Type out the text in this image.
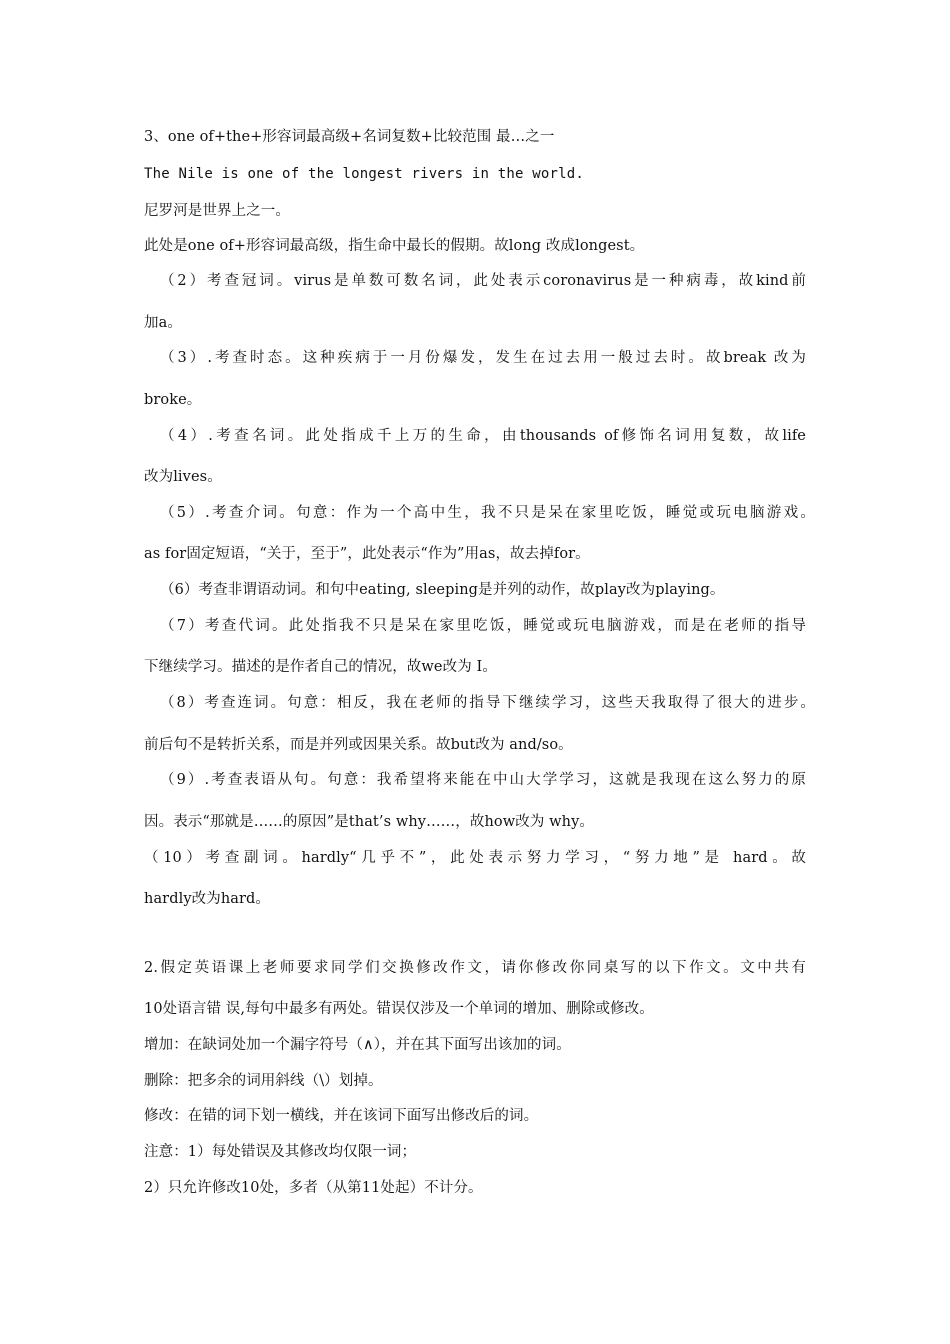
3、one of+the+形容词最高级+名词复数+比较范围 最…之一
The Nile is one of the longest rivers in the world.
尼罗河是世界上之一。
此处是one of+形容词最高级，指生命中最长的假期。故long 改成longest。
（2）考查冠词。virus是单数可数名词，此处表示coronavirus是一种病毒，故kind前
加a。
（3）.考查时态。这种疾病于一月份爆发，发生在过去用一般过去时。故break 改为
broke。
（4）.考查名词。此处指成千上万的生命，由thousands of修饰名词用复数，故life
改为lives。
（5）.考查介词。句意：作为一个高中生，我不只是呆在家里吃饭，睡觉或玩电脑游戏。
as for固定短语，“关于，至于”，此处表示“作为”用as，故去掉for。
（6）考查非谓语动词。和句中eating, sleeping是并列的动作，故play改为playing。
（7）考查代词。此处指我不只是呆在家里吃饭，睡觉或玩电脑游戏，而是在老师的指导
下继续学习。描述的是作者自己的情况，故we改为 I。
（8）考查连词。句意：相反，我在老师的指导下继续学习，这些天我取得了很大的进步。
前后句不是转折关系，而是并列或因果关系。故but改为 and/so。
（9）.考查表语从句。句意：我希望将来能在中山大学学习，这就是我现在这么努力的原
因。表示“那就是……的原因”是that’s why……，故how改为 why。
（10）考查副词。hardly“几乎不”，此处表示努力学习，“努力地”是 hard。故
hardly改为hard。
2.假定英语课上老师要求同学们交换修改作文，请你修改你同桌写的以下作文。文中共有
10处语言错 误,每句中最多有两处。错误仅涉及一个单词的增加、删除或修改。
增加：在缺词处加一个漏字符号（∧），并在其下面写出该加的词。
删除：把多余的词用斜线（\）划掉。
修改：在错的词下划一横线，并在该词下面写出修改后的词。
注意：1）每处错误及其修改均仅限一词；
2）只允许修改10处，多者（从第11处起）不计分。
